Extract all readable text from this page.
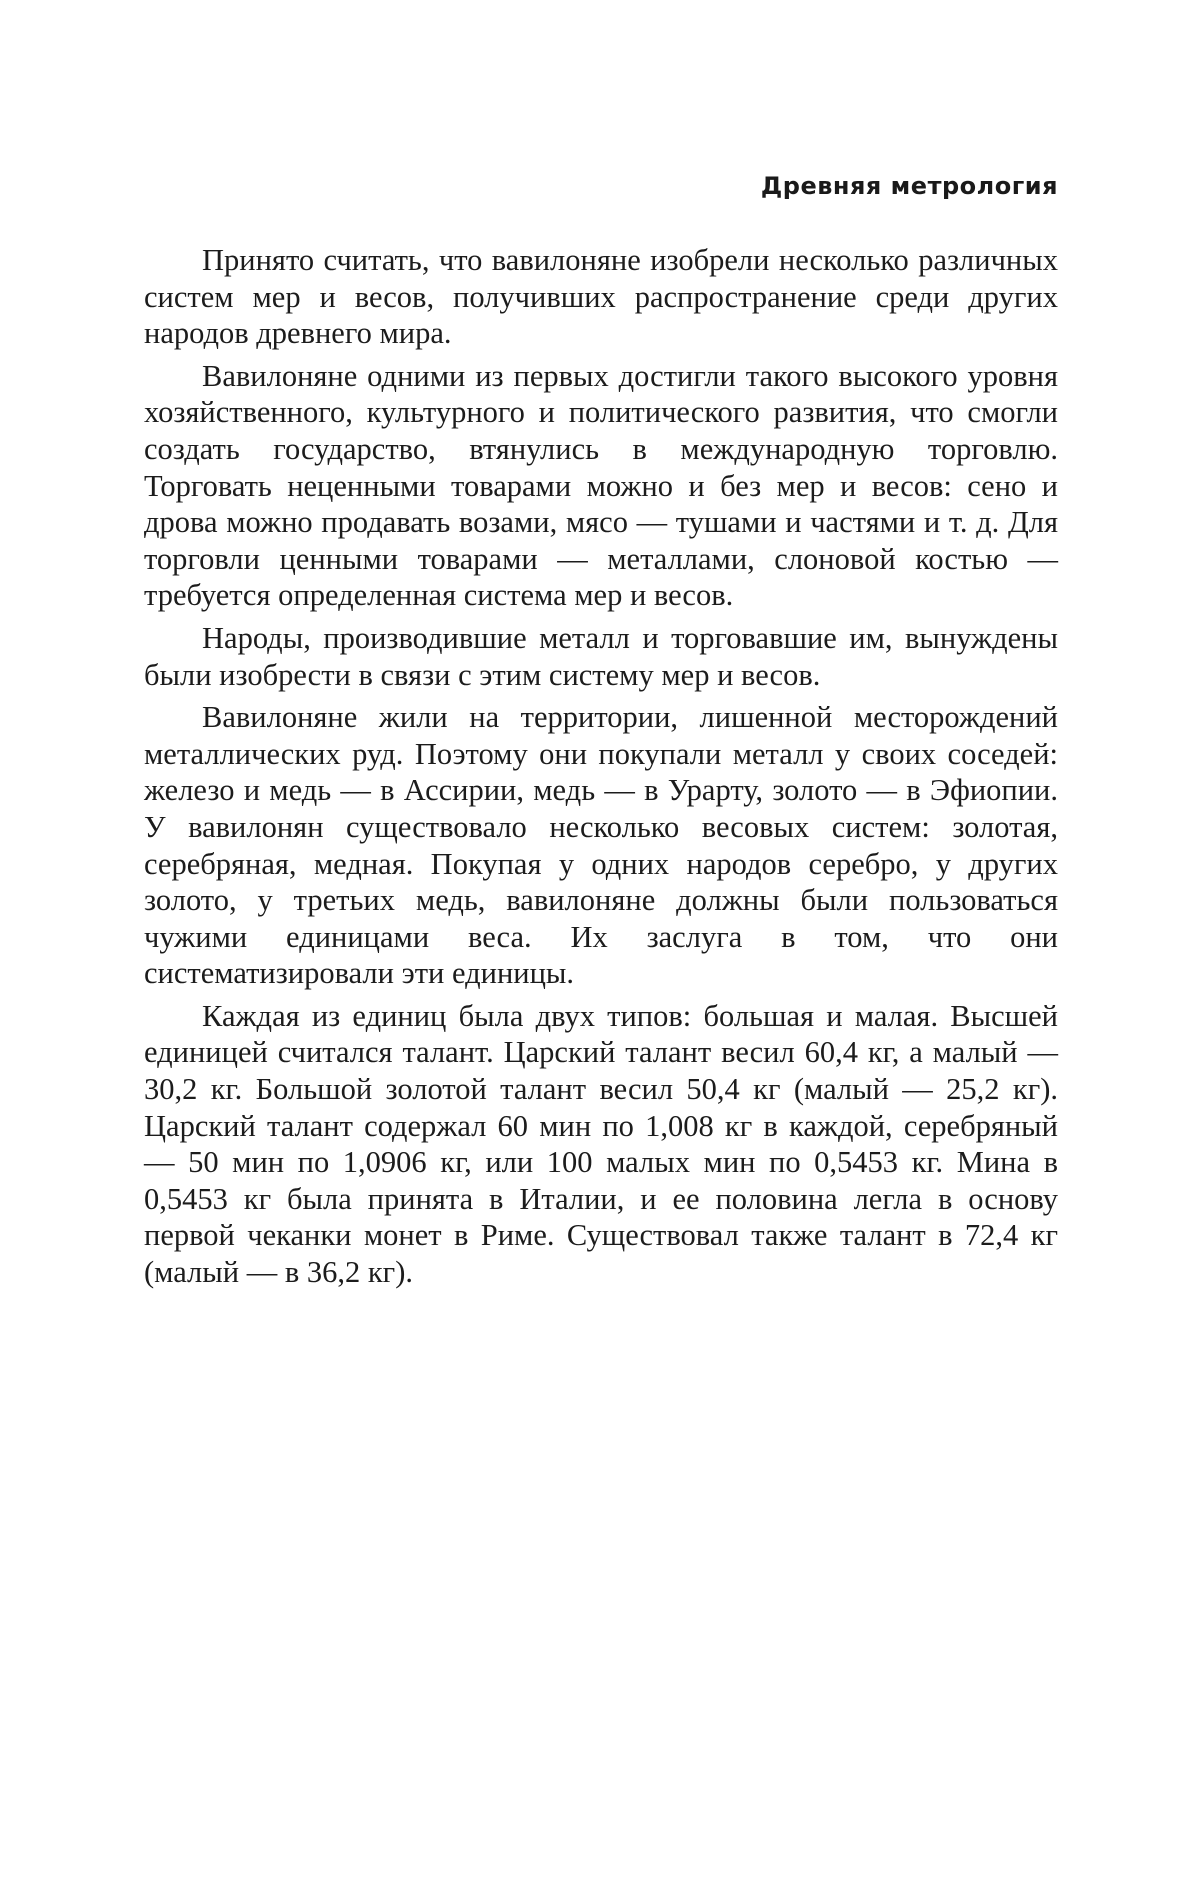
Древняя метрология

Принято считать, что вавилоняне изобрели несколько различных систем мер и весов, получивших распространение среди других народов древнего мира.

Вавилоняне одними из первых достигли такого высокого уровня хозяйственного, культурного и политического развития, что смогли создать государство, втянулись в международную торговлю. Торговать неценными товарами можно и без мер и весов: сено и дрова можно продавать возами, мясо — тушами и частями и т. д. Для торговли ценными товарами — металлами, слоновой костью — требуется определенная система мер и весов.

Народы, производившие металл и торговавшие им, вынуждены были изобрести в связи с этим систему мер и весов.

Вавилоняне жили на территории, лишенной месторождений металлических руд. Поэтому они покупали металл у своих соседей: железо и медь — в Ассирии, медь — в Урарту, золото — в Эфиопии. У вавилонян существовало несколько весовых систем: золотая, серебряная, медная. Покупая у одних народов серебро, у других золото, у третьих медь, вавилоняне должны были пользоваться чужими единицами веса. Их заслуга в том, что они систематизировали эти единицы.

Каждая из единиц была двух типов: большая и малая. Высшей единицей считался талант. Царский талант весил 60,4 кг, а малый — 30,2 кг. Большой золотой талант весил 50,4 кг (малый — 25,2 кг). Царский талант содержал 60 мин по 1,008 кг в каждой, серебряный — 50 мин по 1,0906 кг, или 100 малых мин по 0,5453 кг. Мина в 0,5453 кг была принята в Италии, и ее половина легла в основу первой чеканки монет в Риме. Существовал также талант в 72,4 кг (малый — в 36,2 кг).
